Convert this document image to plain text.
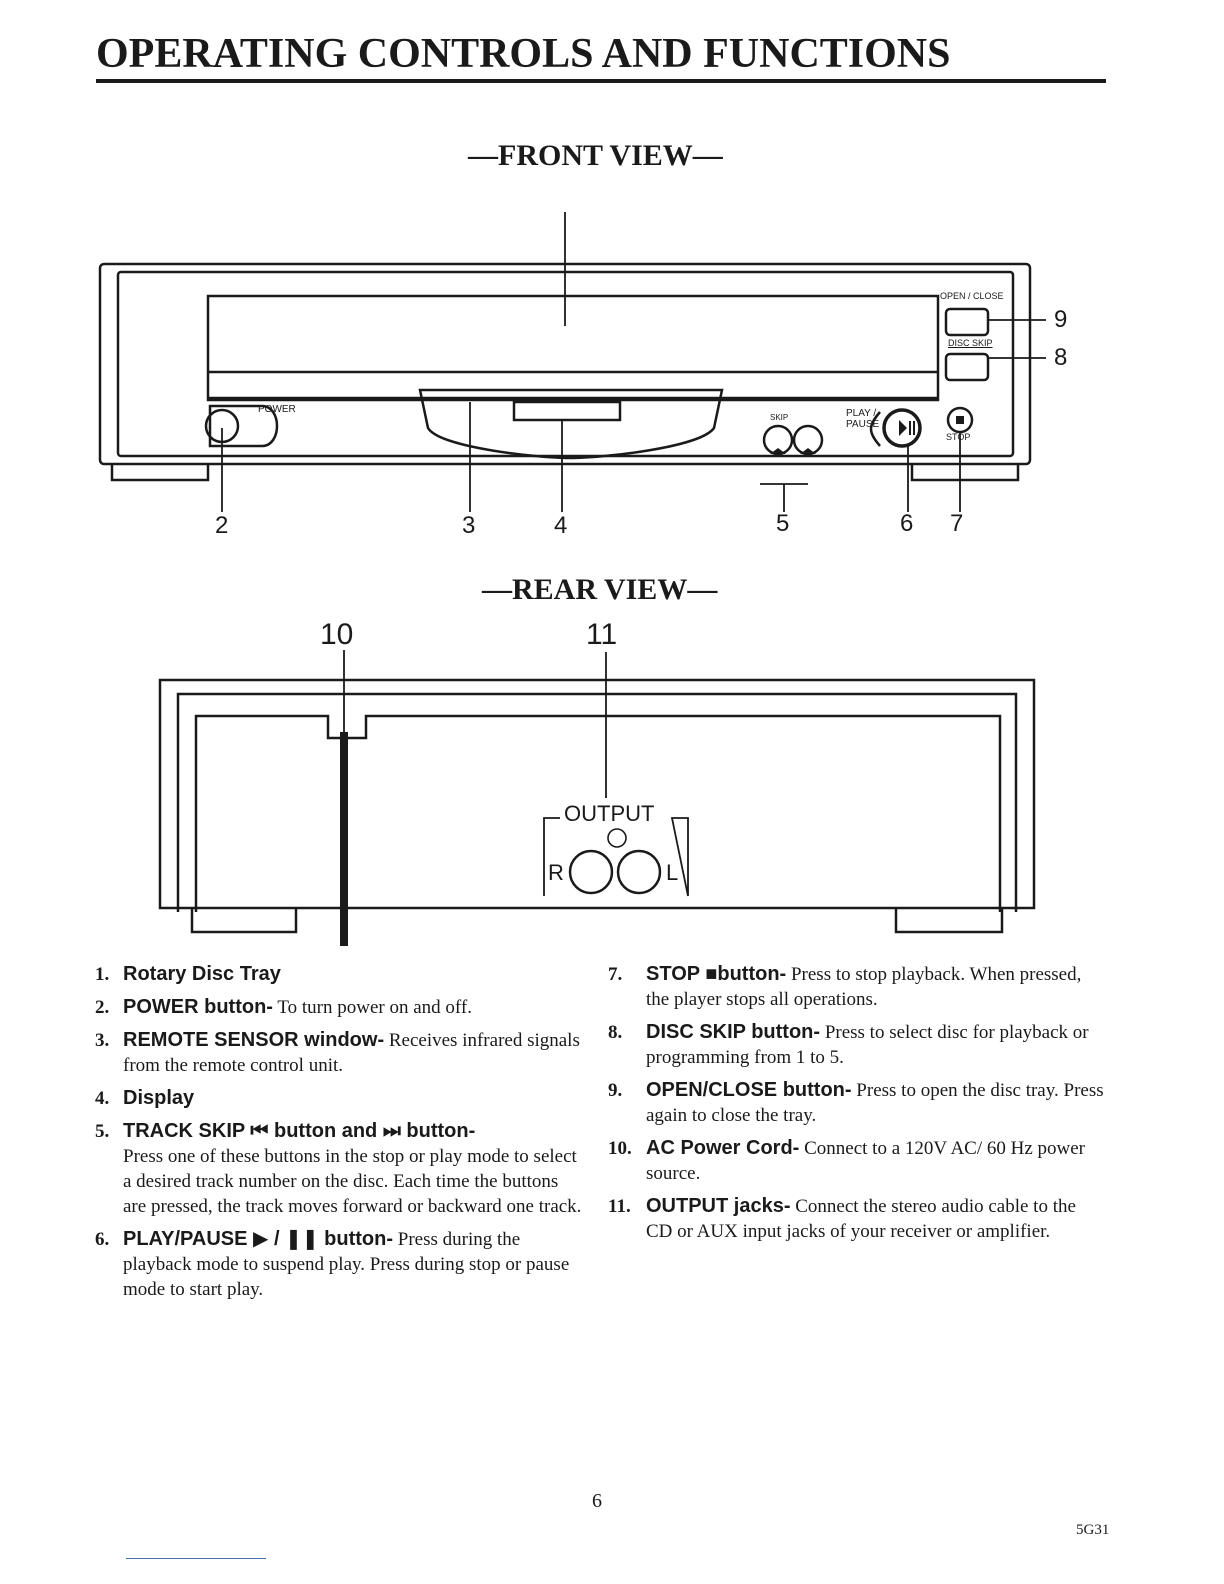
OPERATING CONTROLS AND FUNCTIONS
—FRONT VIEW—
—REAR VIEW—
POWER
SKIP	PLAY / PAUSE
STOP
OPEN / CLOSE
DISC SKIP
2	3	4	5	6 7
8
9
10	11
OUTPUT
R	L
1. Rotary Disc Tray
2. POWER button- To turn power on and off.
3. REMOTE SENSOR window- Receives infrared signals from the remote control unit.
4. Display
5. TRACK SKIP ⏮ button and ⏭ button-
Press one of these buttons in the stop or play mode to select a desired track number on the disc. Each time the buttons are pressed, the track moves forward or backward one track.
6. PLAY/PAUSE ▶ / ❚❚ button- Press during the playback mode to suspend play. Press during stop or pause mode to start play.
7. STOP ■button- Press to stop playback. When pressed, the player stops all operations.
8. DISC SKIP button- Press to select disc for playback or programming from 1 to 5.
9. OPEN/CLOSE button- Press to open the disc tray. Press again to close the tray.
10. AC Power Cord- Connect to a 120V AC/ 60 Hz power source.
11. OUTPUT jacks- Connect the stereo audio cable to the CD or AUX input jacks of your receiver or amplifier.
6
5G31
